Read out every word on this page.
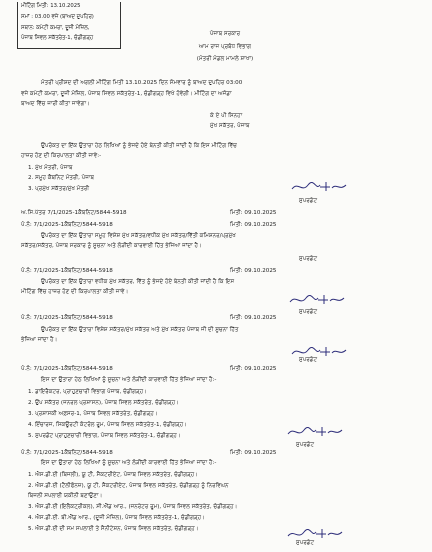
ਮੀਟਿੰਗ ਮਿਤੀ: 13.10.2025
ਸਮਾਂ : 03.00 ਵਜੇ (ਬਾਅਦ ਦੁਪਹਿਰ)
ਸਥਾਨ: ਕਮੇਟੀ ਕਮਰਾ, ਦੂਜੀ ਮੰਜ਼ਿਲ,
ਪੰਜਾਬ ਸਿਵਲ ਸਕੱਤਰੇਤ-1, ਚੰਡੀਗੜ੍ਹ
ਪੰਜਾਬ ਸਰਕਾਰ
ਆਮ ਰਾਜ ਪ੍ਰਬੰਧ ਵਿਭਾਗ
(ਮੰਤਰੀ ਮੰਡਲ ਮਾਮਲੇ ਸ਼ਾਖਾ)
ਮੰਤਰੀ ਪ੍ਰੀਸ਼ਦ ਦੀ ਅਗਲੀ ਮੀਟਿੰਗ ਮਿਤੀ 13.10.2025 ਦਿਨ ਸੋਮਵਾਰ ਨੂੰ ਬਾਅਦ ਦੁਪਹਿਰ 03:00
ਵਜੇ ਕਮੇਟੀ ਕਮਰਾ, ਦੂਜੀ ਮੰਜ਼ਿਲ, ਪੰਜਾਬ ਸਿਵਲ ਸਕੱਤਰੇਤ-1, ਚੰਡੀਗੜ੍ਹ ਵਿਖੇ ਹੋਵੇਗੀ। ਮੀਟਿੰਗ ਦਾ ਅਜੰਡਾ
ਬਾਅਦ ਵਿੱਚ ਜਾਰੀ ਕੀਤਾ ਜਾਵੇਗਾ।
ਕੇ ਏ ਪੀ ਸਿਨਹਾ
ਮੁੱਖ ਸਕੱਤਰ, ਪੰਜਾਬ
ਉਪਰੋਕਤ ਦਾ ਇੱਕ ਉਤਾਰਾ ਹੇਠ ਲਿਖਿਆਂ ਨੂੰ ਭੇਜਦੇ ਹੋਏ ਬੇਨਤੀ ਕੀਤੀ ਜਾਂਦੀ ਹੈ ਕਿ ਇਸ ਮੀਟਿੰਗ ਵਿੱਚ
ਹਾਜ਼ਰ ਹੋਣ ਦੀ ਕਿਰਪਾਲਤਾ ਕੀਤੀ ਜਾਵੇ:-
1. ਮੁੱਖ ਮੰਤਰੀ, ਪੰਜਾਬ
2. ਸਮੂਹ ਕੈਬਨਿਟ ਮੰਤਰੀ, ਪੰਜਾਬ
3. ਪ੍ਰਮੁੱਖ ਸਕੱਤਰ/ਮੁੱਖ ਮੰਤਰੀ
ਸੁਪਰਡੰਟ
ਅ.ਸਿ.ਪੱਤਰ 7/1/2025-1ਕੈਬਨਿਟ/5844-5918	ਮਿਤੀ: 09.10.2025
ਪੰ.ਨੰ: 7/1/2025-1ਕੈਬਨਿਟ/5844-5918	ਮਿਤੀ: 09.10.2025
ਉਪਰੋਕਤ ਦਾ ਇੱਕ ਉਤਾਰਾ ਸਮੂਹ ਵਿਸ਼ੇਸ਼ ਮੁੱਖ ਸਕੱਤਰ/ਵਧੀਕ ਮੁੱਖ ਸਕੱਤਰ/ਵਿੱਤੀ ਕਮਿਸ਼ਨਰ/ਪ੍ਰਮੁੱਖ
ਸਕੱਤਰ/ਸਕੱਤਰ, ਪੰਜਾਬ ਸਰਕਾਰ ਨੂੰ ਸੂਚਨਾ ਅਤੇ ਲੋੜੀਂਦੀ ਕਾਰਵਾਈ ਹਿੱਤ ਭੇਜਿਆ ਜਾਂਦਾ ਹੈ।
ਸੁਪਰਡੰਟ
ਪੰ.ਨੰ: 7/1/2025-1ਕੈਬਨਿਟ/5844-5918	ਮਿਤੀ: 09.10.2025
ਉਪਰੋਕਤ ਦਾ ਇੱਕ ਉਤਾਰਾ ਵਧੀਕ ਮੁੱਖ ਸਕੱਤਰ, ਵਿੱਤ ਨੂੰ ਭੇਜਦੇ ਹੋਏ ਬੇਨਤੀ ਕੀਤੀ ਜਾਂਦੀ ਹੈ ਕਿ ਇਸ
ਮੀਟਿੰਗ ਵਿੱਚ ਹਾਜ਼ਰ ਹੋਣ ਦੀ ਕਿਰਪਾਲਤਾ ਕੀਤੀ ਜਾਵੇ।
ਸੁਪਰਡੰਟ
ਪੰ.ਨੰ: 7/1/2025-1ਕੈਬਨਿਟ/5844-5918	ਮਿਤੀ: 09.10.2025
ਉਪਰੋਕਤ ਦਾ ਇੱਕ ਉਤਾਰਾ ਵਿਸ਼ੇਸ਼ ਸਕੱਤਰ/ਮੁੱਖ ਸਕੱਤਰ ਅਤੇ ਮੁੱਖ ਸਕੱਤਰ ਪੰਜਾਬ ਜੀ ਦੀ ਸੂਚਨਾ ਹਿੱਤ
ਭੇਜਿਆ ਜਾਂਦਾ ਹੈ।
ਸੁਪਰਡੰਟ
ਪੰ.ਨੰ: 7/1/2025-1ਕੈਬਨਿਟ/5844-5918	ਮਿਤੀ: 09.10.2025
ਇਸ ਦਾ ਉਤਾਰਾ ਹੇਠ ਲਿਖਿਆਂ ਨੂੰ ਸੂਚਨਾ ਅਤੇ ਲੋੜੀਂਦੀ ਕਾਰਵਾਈ ਹਿੱਤ ਭੇਜਿਆ ਜਾਂਦਾ ਹੈ:-
1. ਡਾਇਰੈਕਟਰ, ਪ੍ਰਾਹੁਣਚਾਰੀ ਵਿਭਾਗ ਪੰਜਾਬ, ਚੰਡੀਗੜ੍ਹ।
2. ਉਪ ਸਕੱਤਰ (ਜਨਰਲ ਪ੍ਰਸ਼ਾਸਨ), ਪੰਜਾਬ ਸਿਵਲ ਸਕੱਤਰੇਤ, ਚੰਡੀਗੜ੍ਹ।
3. ਪ੍ਰਸ਼ਾਸਕੀ ਅਫ਼ਸਰ-1, ਪੰਜਾਬ ਸਿਵਲ ਸਕੱਤਰੇਤ, ਚੰਡੀਗੜ੍ਹ।
4. ਇੰਚਾਰਜ, ਸਿਕਊਰਟੀ ਕੰਟਰੋਲ ਰੂਮ, ਪੰਜਾਬ ਸਿਵਲ ਸਕੱਤਰੇਤ-1, ਚੰਡੀਗੜ੍ਹ।
5. ਸੁਪਰਡੰਟ ਪ੍ਰਾਹੁਣਚਾਰੀ ਵਿਭਾਗ, ਪੰਜਾਬ ਸਿਵਲ ਸਕੱਤਰੇਤ-1, ਚੰਡੀਗੜ੍ਹ।
ਸੁਪਰਡੰਟ
ਪੰ.ਨੰ: 7/1/2025-1ਕੈਬਨਿਟ/5844-5918	ਮਿਤੀ: 09.10.2025
ਇਸ ਦਾ ਉਤਾਰਾ ਹੇਠ ਲਿਖਿਆਂ ਨੂੰ ਸੂਚਨਾ ਅਤੇ ਲੋੜੀਂਦੀ ਕਾਰਵਾਈ ਹਿੱਤ ਭੇਜਿਆ ਜਾਂਦਾ ਹੈ:-
1. ਐਸ.ਡੀ.ਈ (ਬਿਜਲੀ), ਯੂ ਟੀ, ਸੈਕਟਰੀਏਟ, ਪੰਜਾਬ ਸਿਵਲ ਸਕੱਤਰੇਤ, ਚੰਡੀਗੜ੍ਹ।
2. ਐਸ.ਡੀ.ਈ (ਟੈਲੀਫੋਨਜ਼), ਯੂ ਟੀ, ਸੈਕਟਰੀਏਟ, ਪੰਜਾਬ ਸਿਵਲ ਸਕੱਤਰੇਤ, ਚੰਡੀਗੜ੍ਹ ਨੂੰ ਨਿਰਵਿਘਨ
ਬਿਜਲੀ ਸਪਲਾਈ ਯਕੀਨੀ ਬਣਾਉਣਾ।
3. ਐਸ.ਡੀ.ਈ (ਇਲੈਕਟ੍ਰੀਕਲ), ਸੀ.ਐੱਡ ਆਰ., (ਜਨਰੇਟਰ ਰੂਮ), ਪੰਜਾਬ ਸਿਵਲ ਸਕੱਤਰੇਤ, ਚੰਡੀਗੜ੍ਹ।
4. ਐਸ.ਡੀ.ਈ. ਬੀ.ਐੱਡ ਆਰ., (ਦੂਜੀ ਮੰਜ਼ਿਲ), ਪੰਜਾਬ ਸਿਵਲ ਸਕੱਤਰੇਤ-1, ਚੰਡੀਗੜ੍ਹ।
5. ਐਸ.ਡੀ.ਈ ਦੀ ਸਮ ਸਪਲਾਈ ਤੇ ਸੈਨੀਟੇਸ਼ਨ, ਪੰਜਾਬ ਸਿਵਲ ਸਕੱਤਰੇਤ, ਚੰਡੀਗੜ੍ਹ।
ਸੁਪਰਡੰਟ
